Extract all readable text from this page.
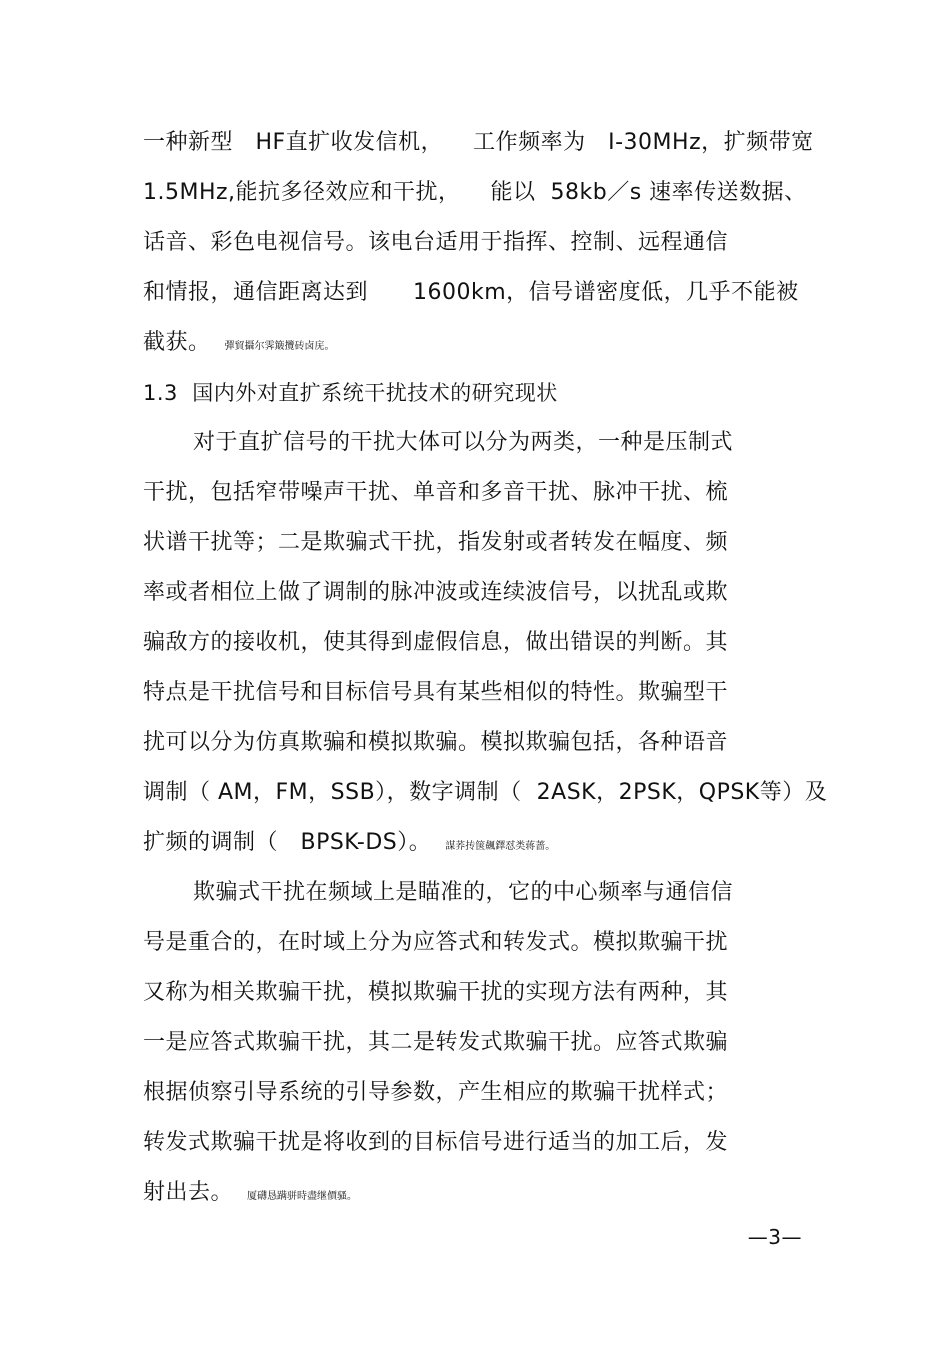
一种新型   HF直扩收发信机，    工作频率为   I-30MHz，扩频带宽
1.5MHz,能抗多径效应和干扰，    能以  58kb／s 速率传送数据、
话音、彩色电视信号。该电台适用于指挥、控制、远程通信
和情报，通信距离达到      1600km，信号谱密度低，几乎不能被
截获。 彈貿攝尔霁簸攬砖卤庑。
1.3  国内外对直扩系统干扰技术的研究现状
对于直扩信号的干扰大体可以分为两类，一种是压制式
干扰，包括窄带噪声干扰、单音和多音干扰、脉冲干扰、梳
状谱干扰等；二是欺骗式干扰，指发射或者转发在幅度、频
率或者相位上做了调制的脉冲波或连续波信号，以扰乱或欺
骗敌方的接收机，使其得到虚假信息，做出错误的判断。其
特点是干扰信号和目标信号具有某些相似的特性。欺骗型干
扰可以分为仿真欺骗和模拟欺骗。模拟欺骗包括，各种语音
调制（ AM，FM，SSB），数字调制（  2ASK，2PSK，QPSK等）及
扩频的调制（   BPSK-DS）。 謀荞抟箧飆鐸怼类蒋蔷。
欺骗式干扰在频域上是瞄准的，它的中心频率与通信信
号是重合的，在时域上分为应答式和转发式。模拟欺骗干扰
又称为相关欺骗干扰，模拟欺骗干扰的实现方法有两种，其
一是应答式欺骗干扰，其二是转发式欺骗干扰。应答式欺骗
根据侦察引导系统的引导参数，产生相应的欺骗干扰样式；
转发式欺骗干扰是将收到的目标信号进行适当的加工后，发
射出去。 厦礴恳蹒骈時盡继價骚。
—3—
